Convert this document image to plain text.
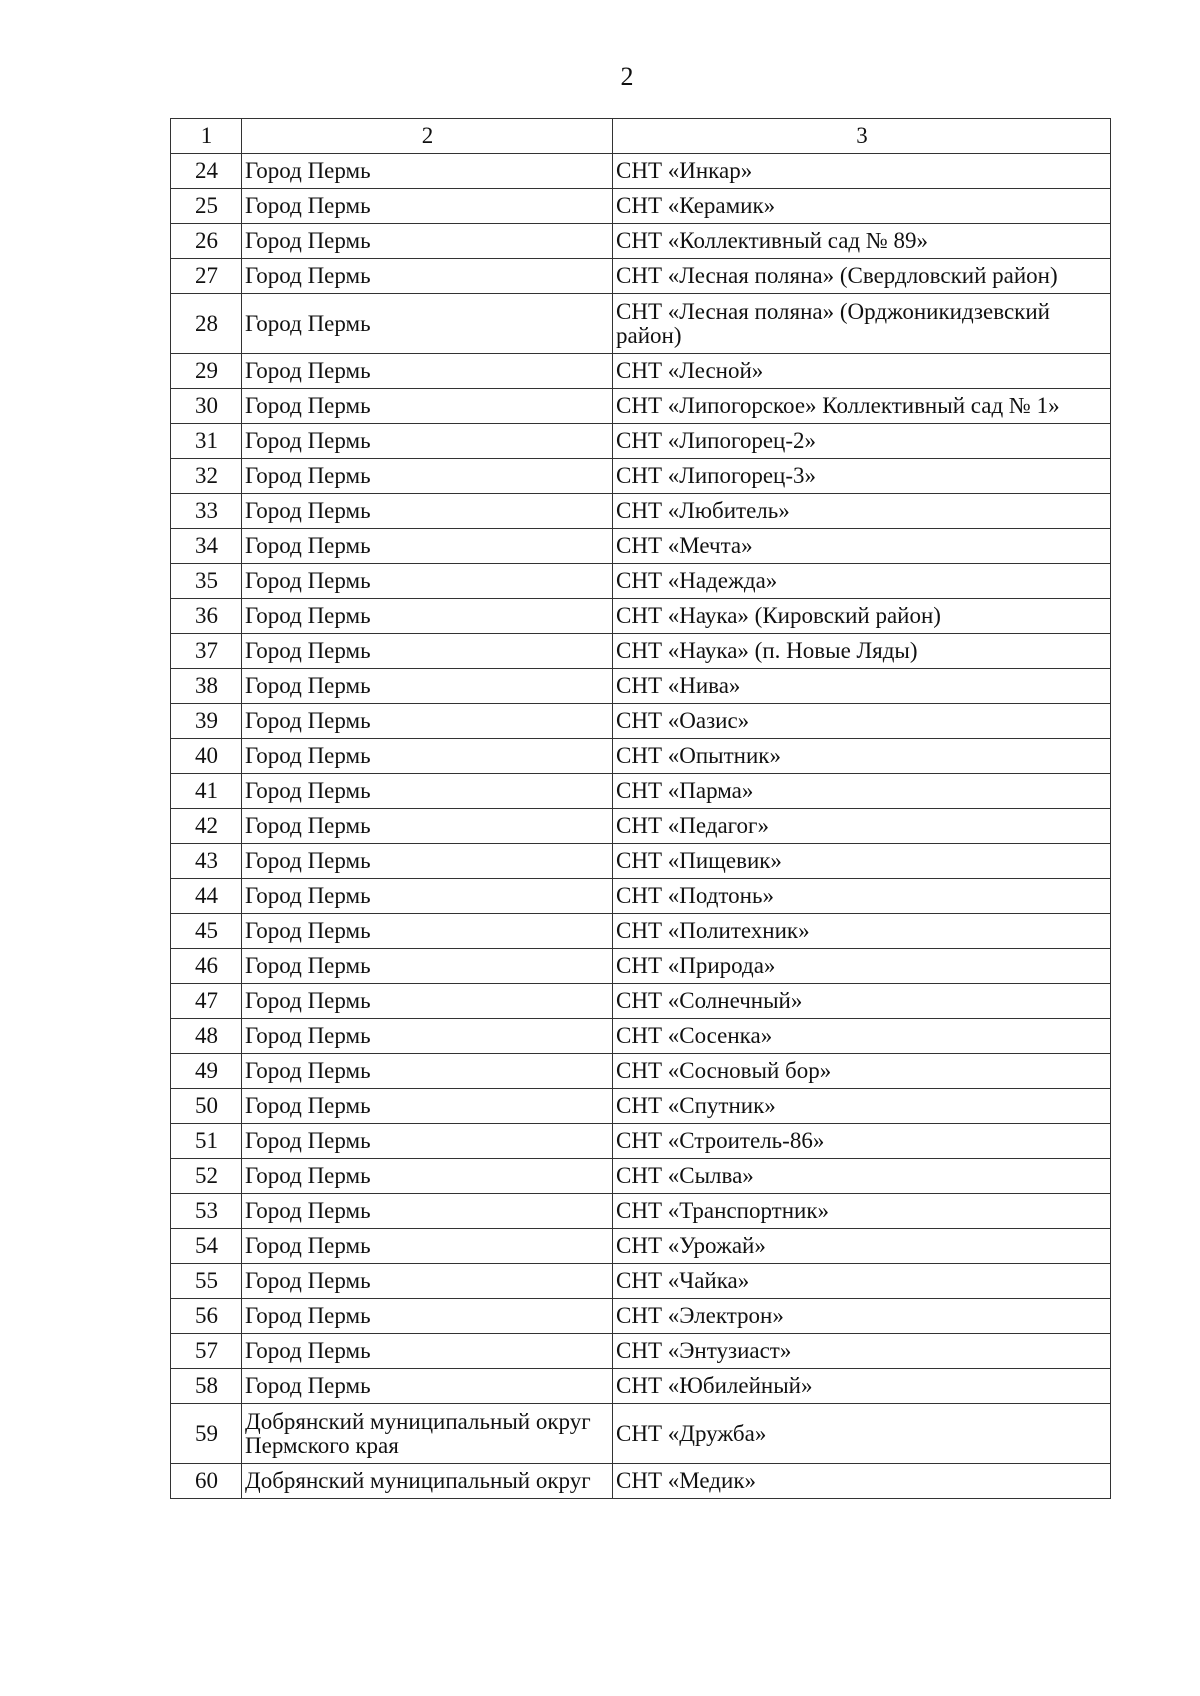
2
1	2	3
24	Город Пермь	СНТ «Инкар»
25	Город Пермь	СНТ «Керамик»
26	Город Пермь	СНТ «Коллективный сад № 89»
27	Город Пермь	СНТ «Лесная поляна» (Свердловский район)
28	Город Пермь	СНТ «Лесная поляна» (Орджоникидзевский район)
29	Город Пермь	СНТ «Лесной»
30	Город Пермь	СНТ «Липогорское» Коллективный сад № 1»
31	Город Пермь	СНТ «Липогорец-2»
32	Город Пермь	СНТ «Липогорец-3»
33	Город Пермь	СНТ «Любитель»
34	Город Пермь	СНТ «Мечта»
35	Город Пермь	СНТ «Надежда»
36	Город Пермь	СНТ «Наука» (Кировский район)
37	Город Пермь	СНТ «Наука» (п. Новые Ляды)
38	Город Пермь	СНТ «Нива»
39	Город Пермь	СНТ «Оазис»
40	Город Пермь	СНТ «Опытник»
41	Город Пермь	СНТ «Парма»
42	Город Пермь	СНТ «Педагог»
43	Город Пермь	СНТ «Пищевик»
44	Город Пермь	СНТ «Подтонь»
45	Город Пермь	СНТ «Политехник»
46	Город Пермь	СНТ «Природа»
47	Город Пермь	СНТ «Солнечный»
48	Город Пермь	СНТ «Сосенка»
49	Город Пермь	СНТ «Сосновый бор»
50	Город Пермь	СНТ «Спутник»
51	Город Пермь	СНТ «Строитель-86»
52	Город Пермь	СНТ «Сылва»
53	Город Пермь	СНТ «Транспортник»
54	Город Пермь	СНТ «Урожай»
55	Город Пермь	СНТ «Чайка»
56	Город Пермь	СНТ «Электрон»
57	Город Пермь	СНТ «Энтузиаст»
58	Город Пермь	СНТ «Юбилейный»
59	Добрянский муниципальный округ Пермского края	СНТ «Дружба»
60	Добрянский муниципальный округ	СНТ «Медик»
